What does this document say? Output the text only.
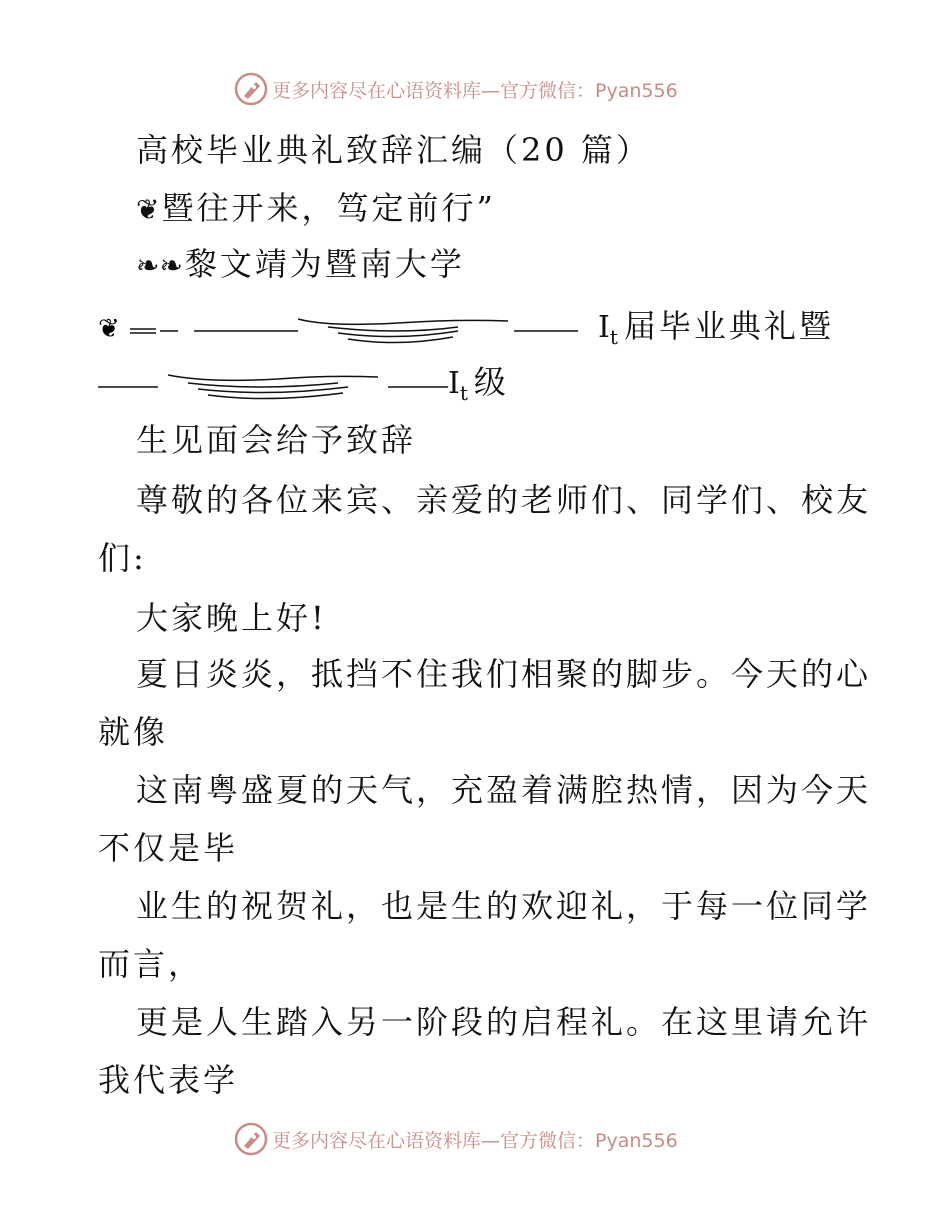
更多内容尽在心语资料库—官方微信：Pyan556
高校毕业典礼致辞汇编（20 篇）
❦暨往开来，笃定前行”
❧❧黎文靖为暨南大学
❦	$I_t$ 届毕业典礼暨
$I_t$ 级
生见面会给予致辞
尊敬的各位来宾、亲爱的老师们、同学们、校友
们:
大家晚上好!
夏日炎炎，抵挡不住我们相聚的脚步。今天的心
就像
这南粤盛夏的天气，充盈着满腔热情，因为今天
不仅是毕
业生的祝贺礼，也是生的欢迎礼，于每一位同学
而言，
更是人生踏入另一阶段的启程礼。在这里请允许
我代表学
更多内容尽在心语资料库—官方微信：Pyan556
